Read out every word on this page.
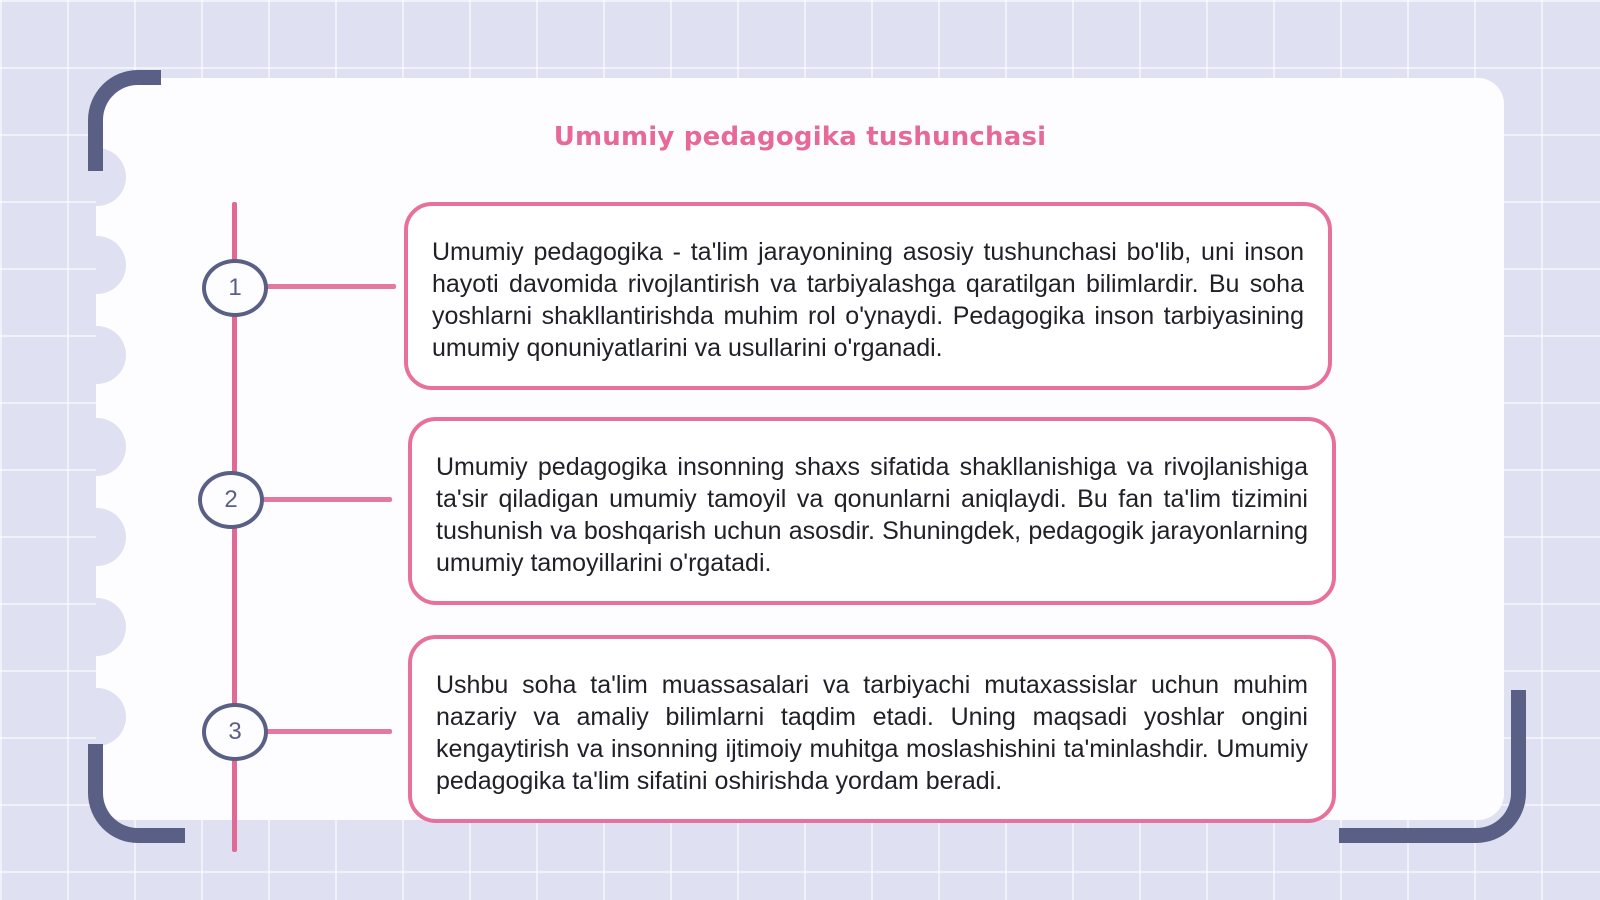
Umumiy pedagogika tushunchasi
1
Umumiy pedagogika - ta'lim jarayonining asosiy tushunchasi bo'lib, uni inson hayoti davomida rivojlantirish va tarbiyalashga qaratilgan bilimlardir. Bu soha yoshlarni shakllantirishda muhim rol o'ynaydi. Pedagogika inson tarbiyasining umumiy qonuniyatlarini va usullarini o'rganadi.
2
Umumiy pedagogika insonning shaxs sifatida shakllanishiga va rivojlanishiga ta'sir qiladigan umumiy tamoyil va qonunlarni aniqlaydi. Bu fan ta'lim tizimini tushunish va boshqarish uchun asosdir. Shuningdek, pedagogik jarayonlarning umumiy tamoyillarini o'rgatadi.
3
Ushbu soha ta'lim muassasalari va tarbiyachi mutaxassislar uchun muhim nazariy va amaliy bilimlarni taqdim etadi. Uning maqsadi yoshlar ongini kengaytirish va insonning ijtimoiy muhitga moslashishini ta'minlashdir. Umumiy pedagogika ta'lim sifatini oshirishda yordam beradi.
